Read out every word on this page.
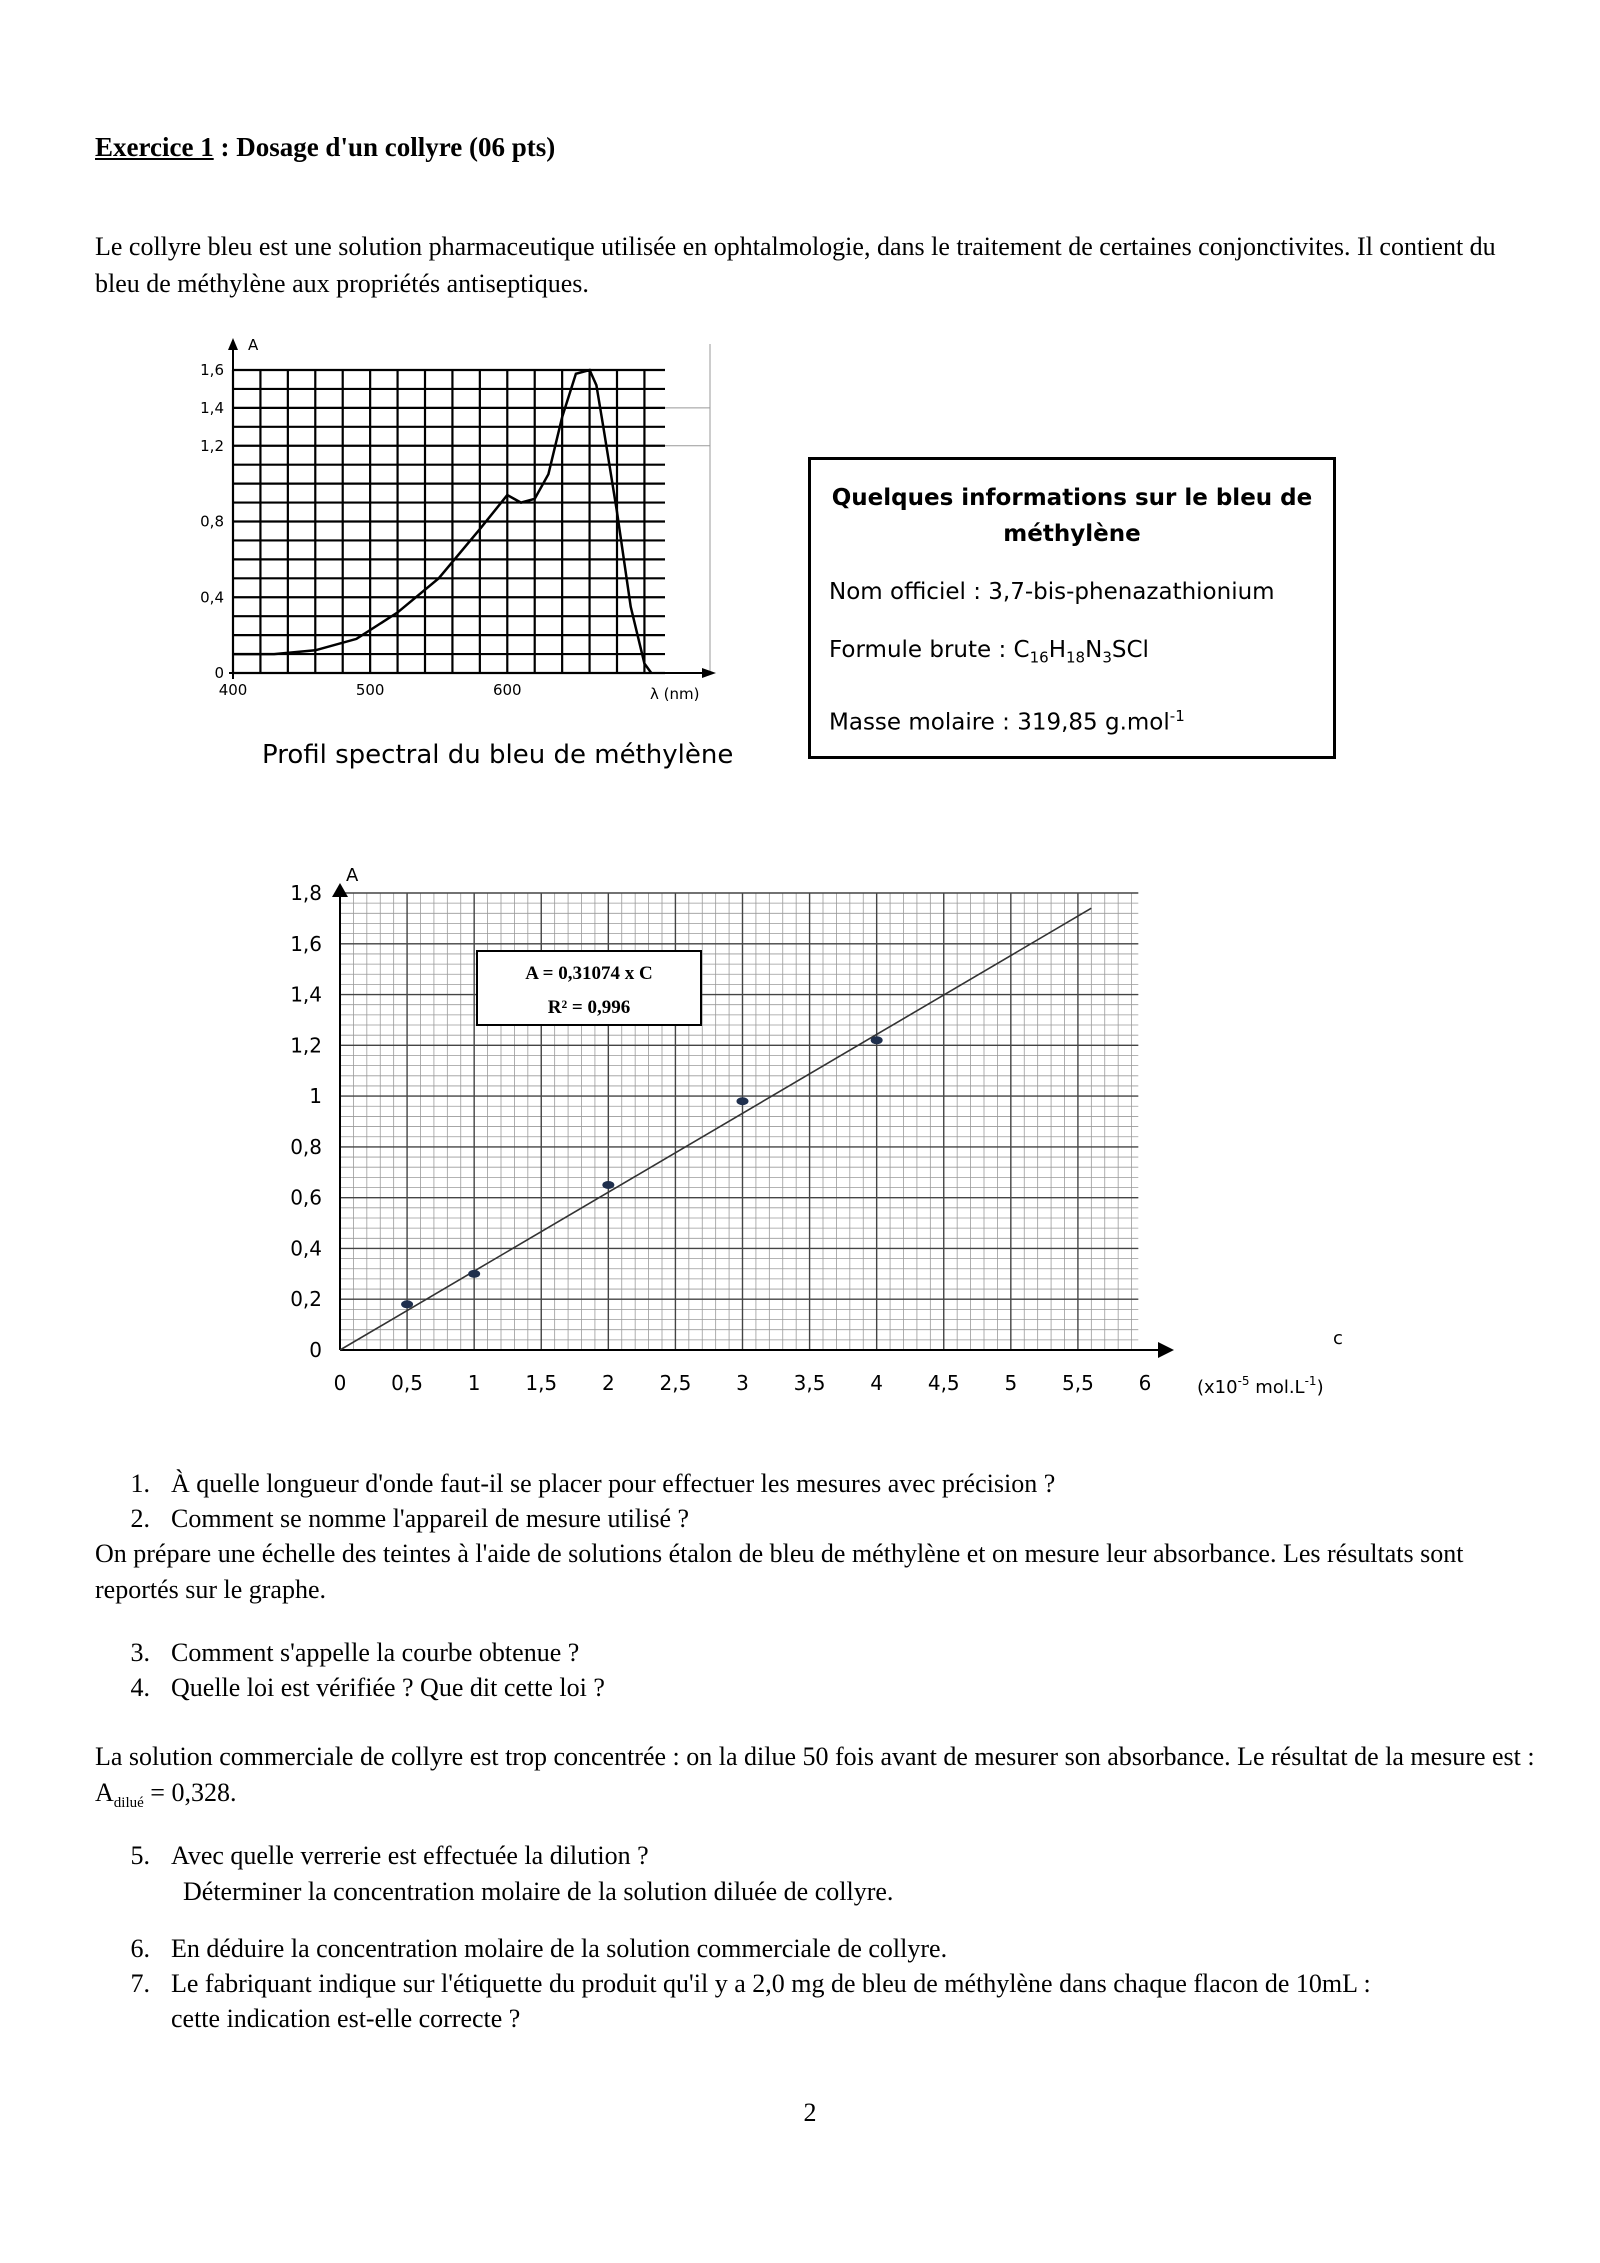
Exercice 1 : Dosage d'un collyre (06 pts)
Le collyre bleu est une solution pharmaceutique utilisée en ophtalmologie, dans le traitement de certaines conjonctivites. Il contient du bleu de méthylène aux propriétés antiseptiques.
0
0,4
0,8
1,2
1,4
1,6
400	500	600
A
λ (nm)
Profil spectral du bleu de méthylène
Quelques informations sur le bleu de méthylène
Nom officiel : 3,7-bis-phenazathionium
Formule brute : $C_{16}H_{18}N_3SCl$
Masse molaire : 319,85 g.mol$^{-1}$
0
0,2
0,4
0,6
0,8
1
1,2
1,4
1,6
1,8
0 0,5 1 1,5 2 2,5 3 3,5 4 4,5 5 5,5 6
A = 0,31074 x C
R² = 0,996
A
c
($x10^{-5}$ $mol.L^{-1}$)
1. À quelle longueur d'onde faut-il se placer pour effectuer les mesures avec précision ?
2. Comment se nomme l'appareil de mesure utilisé ?
On prépare une échelle des teintes à l'aide de solutions étalon de bleu de méthylène et on mesure leur absorbance. Les résultats sont reportés sur le graphe.
3. Comment s'appelle la courbe obtenue ?
4. Quelle loi est vérifiée ? Que dit cette loi ?
La solution commerciale de collyre est trop concentrée : on la dilue 50 fois avant de mesurer son absorbance. Le résultat de la mesure est : $A_{dilué} = 0,328$.
5. Avec quelle verrerie est effectuée la dilution ?
Déterminer la concentration molaire de la solution diluée de collyre.
6. En déduire la concentration molaire de la solution commerciale de collyre.
7. Le fabriquant indique sur l'étiquette du produit qu'il y a 2,0 mg de bleu de méthylène dans chaque flacon de 10mL :
cette indication est-elle correcte ?
2
